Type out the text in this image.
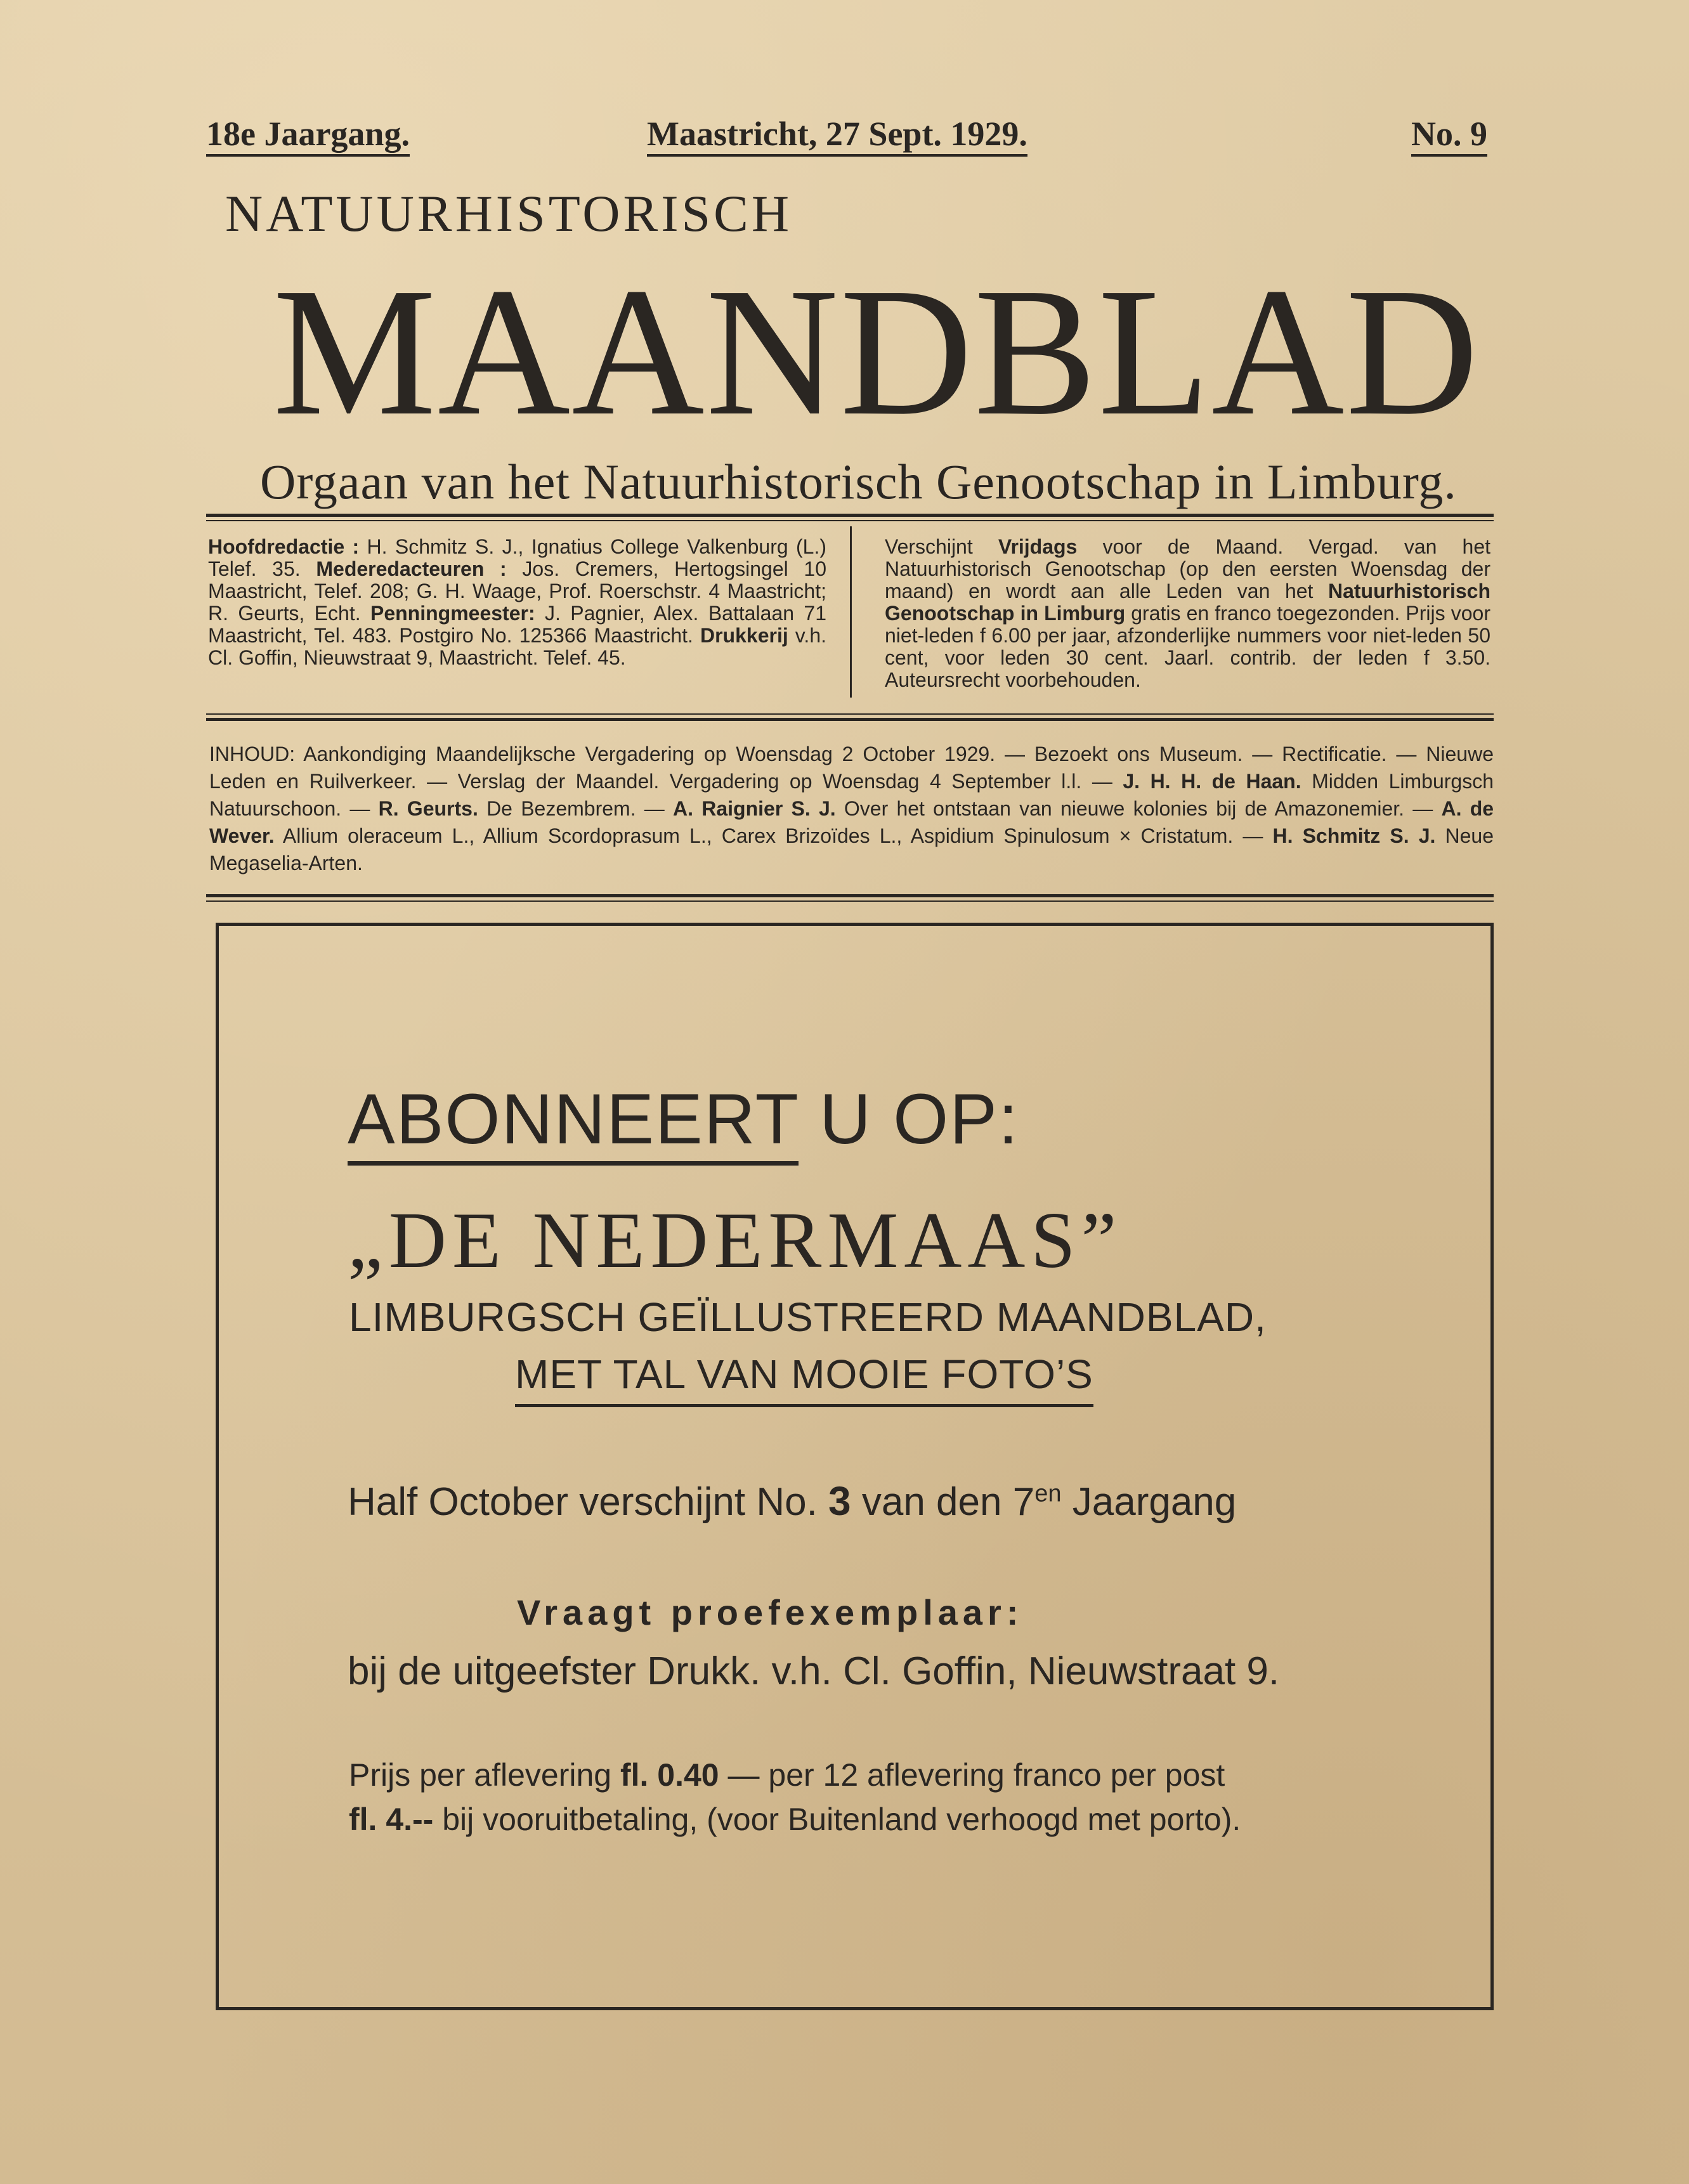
18e Jaargang.	Maastricht, 27 Sept. 1929.	No. 9
NATUURHISTORISCH
MAANDBLAD
Orgaan van het Natuurhistorisch Genootschap in Limburg.
Hoofdredactie : H. Schmitz S. J., Ignatius College Valkenburg (L.) Telef. 35. Mederedacteuren : Jos. Cremers, Hertogsingel 10 Maastricht, Telef. 208; G. H. Waage, Prof. Roerschstr. 4 Maastricht; R. Geurts, Echt. Penningmeester: J. Pagnier, Alex. Battalaan 71 Maastricht, Tel. 483. Postgiro No. 125366 Maastricht. Drukkerij v.h. Cl. Goffin, Nieuwstraat 9, Maastricht. Telef. 45.
Verschijnt Vrijdags voor de Maand. Vergad. van het Natuurhistorisch Genootschap (op den eersten Woensdag der maand) en wordt aan alle Leden van het Natuurhistorisch Genootschap in Limburg gratis en franco toegezonden. Prijs voor niet-leden f 6.00 per jaar, afzonderlijke nummers voor niet-leden 50 cent, voor leden 30 cent. Jaarl. contrib. der leden f 3.50. Auteursrecht voorbehouden.
INHOUD: Aankondiging Maandelijksche Vergadering op Woensdag 2 October 1929. — Bezoekt ons Museum. — Rectificatie. — Nieuwe Leden en Ruilverkeer. — Verslag der Maandel. Vergadering op Woensdag 4 September l.l. — J. H. H. de Haan. Midden Limburgsch Natuurschoon. — R. Geurts. De Bezembrem. — A. Raignier S. J. Over het ontstaan van nieuwe kolonies bij de Amazonemier. — A. de Wever. Allium oleraceum L., Allium Scordoprasum L., Carex Brizoïdes L., Aspidium Spinulosum × Cristatum. — H. Schmitz S. J. Neue Megaselia-Arten.
ABONNEERT U OP:
„DE NEDERMAAS”
LIMBURGSCH GEÏLLUSTREERD MAANDBLAD,
MET TAL VAN MOOIE FOTO’S
Half October verschijnt No. 3 van den $7^{en}$ Jaargang
Vraagt proefexemplaar:
bij de uitgeefster Drukk. v.h. Cl. Goffin, Nieuwstraat 9.
Prijs per aflevering fl. 0.40 — per 12 aflevering franco per post
fl. 4.-- bij vooruitbetaling, (voor Buitenland verhoogd met porto).
